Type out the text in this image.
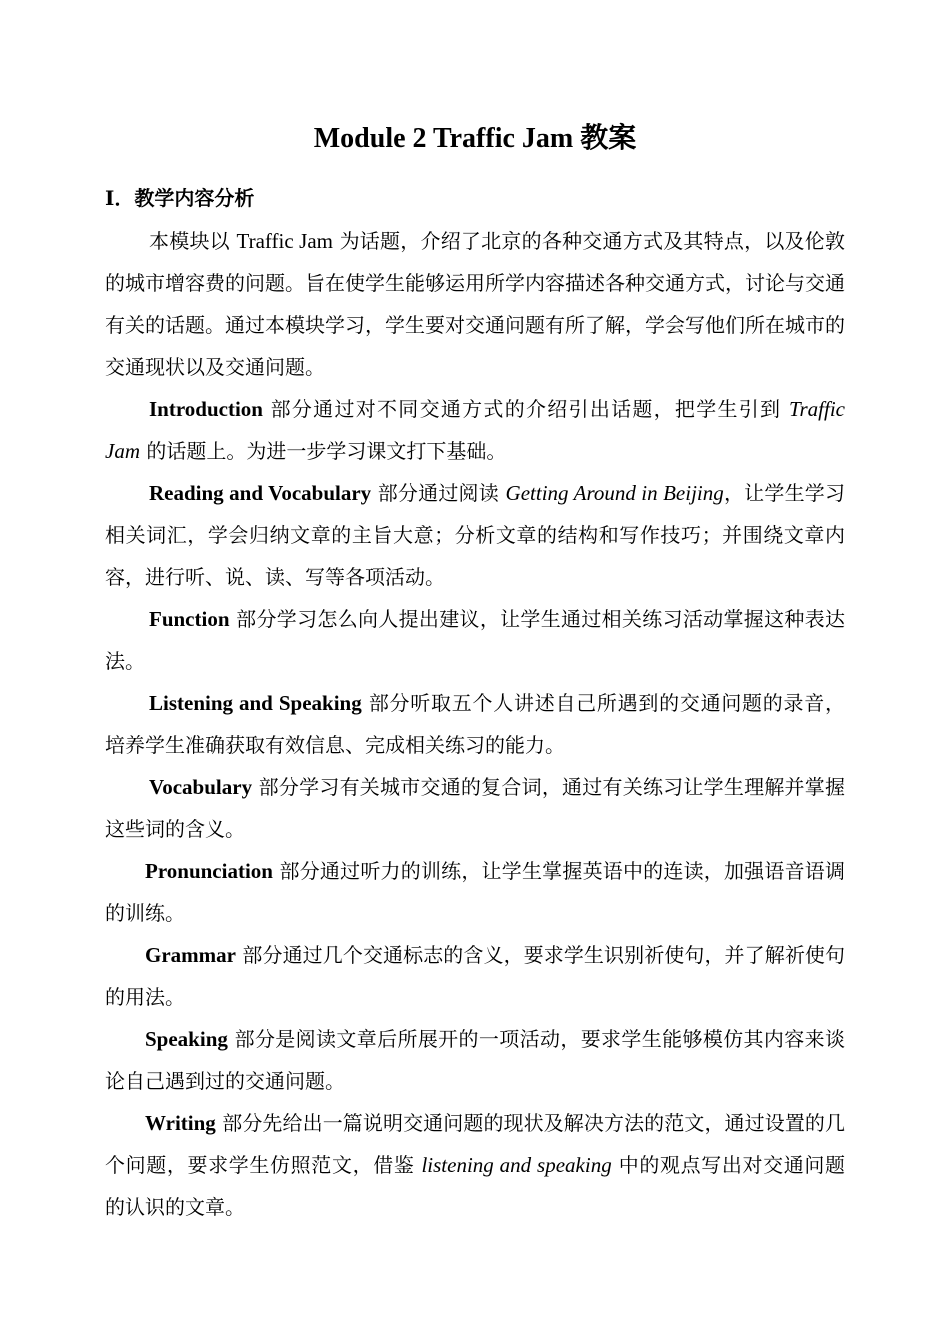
Module 2 Traffic Jam 教案
I．教学内容分析

本模块以 Traffic Jam 为话题，介绍了北京的各种交通方式及其特点，以及伦敦的城市增容费的问题。旨在使学生能够运用所学内容描述各种交通方式，讨论与交通有关的话题。通过本模块学习，学生要对交通问题有所了解，学会写他们所在城市的交通现状以及交通问题。

Introduction 部分通过对不同交通方式的介绍引出话题，把学生引到 Traffic Jam 的话题上。为进一步学习课文打下基础。

Reading and Vocabulary 部分通过阅读 Getting Around in Beijing，让学生学习相关词汇，学会归纳文章的主旨大意；分析文章的结构和写作技巧；并围绕文章内容，进行听、说、读、写等各项活动。

Function 部分学习怎么向人提出建议，让学生通过相关练习活动掌握这种表达法。

Listening and Speaking 部分听取五个人讲述自己所遇到的交通问题的录音，培养学生准确获取有效信息、完成相关练习的能力。

Vocabulary 部分学习有关城市交通的复合词，通过有关练习让学生理解并掌握这些词的含义。

Pronunciation 部分通过听力的训练，让学生掌握英语中的连读，加强语音语调的训练。

Grammar 部分通过几个交通标志的含义，要求学生识别祈使句，并了解祈使句的用法。

Speaking 部分是阅读文章后所展开的一项活动，要求学生能够模仿其内容来谈论自己遇到过的交通问题。

Writing 部分先给出一篇说明交通问题的现状及解决方法的范文，通过设置的几个问题，要求学生仿照范文，借鉴 listening and speaking 中的观点写出对交通问题的认识的文章。
